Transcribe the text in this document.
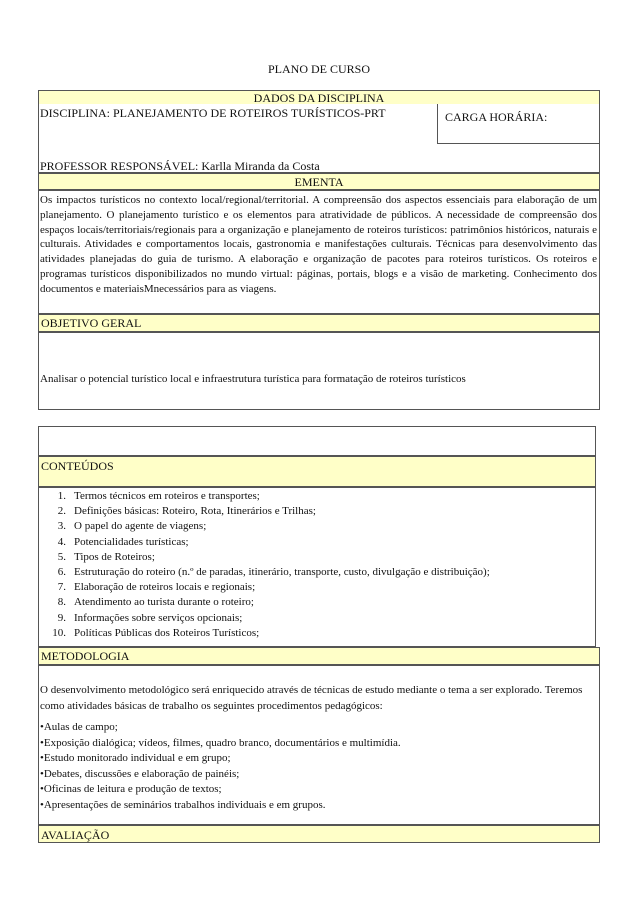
PLANO DE CURSO
DADOS DA DISCIPLINA
DISCIPLINA: PLANEJAMENTO DE ROTEIROS TURÍSTICOS-PRT	CARGA HORÁRIA:
PROFESSOR RESPONSÁVEL: Karlla Miranda da Costa
EMENTA
Os impactos turísticos no contexto local/regional/territorial. A compreensão dos aspectos essenciais para elaboração de um planejamento. O planejamento turístico e os elementos para atratividade de públicos. A necessidade de compreensão dos espaços locais/territoriais/regionais para a organização e planejamento de roteiros turísticos: patrimônios históricos, naturais e culturais. Atividades e comportamentos locais, gastronomia e manifestações culturais. Técnicas para desenvolvimento das atividades planejadas do guia de turismo. A elaboração e organização de pacotes para roteiros turísticos. Os roteiros e programas turísticos disponibilizados no mundo virtual: páginas, portais, blogs e a visão de marketing. Conhecimento dos documentos e materiaisMnecessários para as viagens.
OBJETIVO GERAL
Analisar o potencial turístico local e infraestrutura turística para formatação de roteiros turísticos
CONTEÚDOS
1. Termos técnicos em roteiros e transportes;
2. Definições básicas: Roteiro, Rota, Itinerários e Trilhas;
3. O papel do agente de viagens;
4. Potencialidades turísticas;
5. Tipos de Roteiros;
6. Estruturação do roteiro (n.º de paradas, itinerário, transporte, custo, divulgação e distribuição);
7. Elaboração de roteiros locais e regionais;
8. Atendimento ao turista durante o roteiro;
9. Informações sobre serviços opcionais;
10. Políticas Públicas dos Roteiros Turísticos;
METODOLOGIA
O desenvolvimento metodológico será enriquecido através de técnicas de estudo mediante o tema a ser explorado. Teremos como atividades básicas de trabalho os seguintes procedimentos pedagógicos:
•Aulas de campo;
•Exposição dialógica; vídeos, filmes, quadro branco, documentários e multimídia.
•Estudo monitorado individual e em grupo;
•Debates, discussões e elaboração de painéis;
•Oficinas de leitura e produção de textos;
•Apresentações de seminários trabalhos individuais e em grupos.
AVALIAÇÃO
